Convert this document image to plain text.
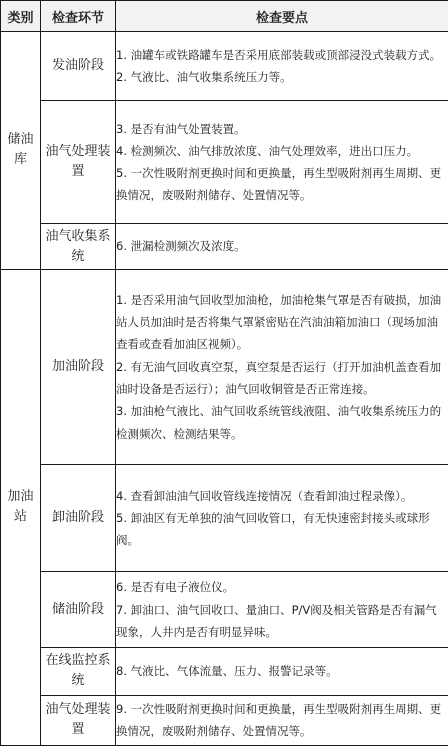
类别	检查环节	检查要点
储油库	发油阶段	1. 油罐车或铁路罐车是否采用底部装载或顶部浸没式装载方式。

2. 气液比、油气收集系统压力等。

	油气处理装置	3. 是否有油气处置装置。

4. 检测频次、油气排放浓度、油气处理效率，进出口压力。

5. 一次性吸附剂更换时间和更换量，再生型吸附剂再生周期、更换情况，废吸附剂储存、处置情况等。

	油气收集系统	6. 泄漏检测频次及浓度。

加油站	加油阶段	1. 是否采用油气回收型加油枪，加油枪集气罩是否有破损，加油站人员加油时是否将集气罩紧密贴在汽油油箱加油口（现场加油查看或查看加油区视频）。

2. 有无油气回收真空泵，真空泵是否运行（打开加油机盖查看加油时设备是否运行）；油气回收铜管是否正常连接。

3. 加油枪气液比、油气回收系统管线液阻、油气收集系统压力的检测频次、检测结果等。

	卸油阶段	4. 查看卸油油气回收管线连接情况（查看卸油过程录像）。

5. 卸油区有无单独的油气回收管口，有无快速密封接头或球形阀。

	储油阶段	6. 是否有电子液位仪。

7. 卸油口、油气回收口、量油口、P/V阀及相关管路是否有漏气现象，人井内是否有明显异味。

	在线监控系统	8. 气液比、气体流量、压力、报警记录等。

	油气处理装置	9. 一次性吸附剂更换时间和更换量，再生型吸附剂再生周期、更换情况，废吸附剂储存、处置情况等。
